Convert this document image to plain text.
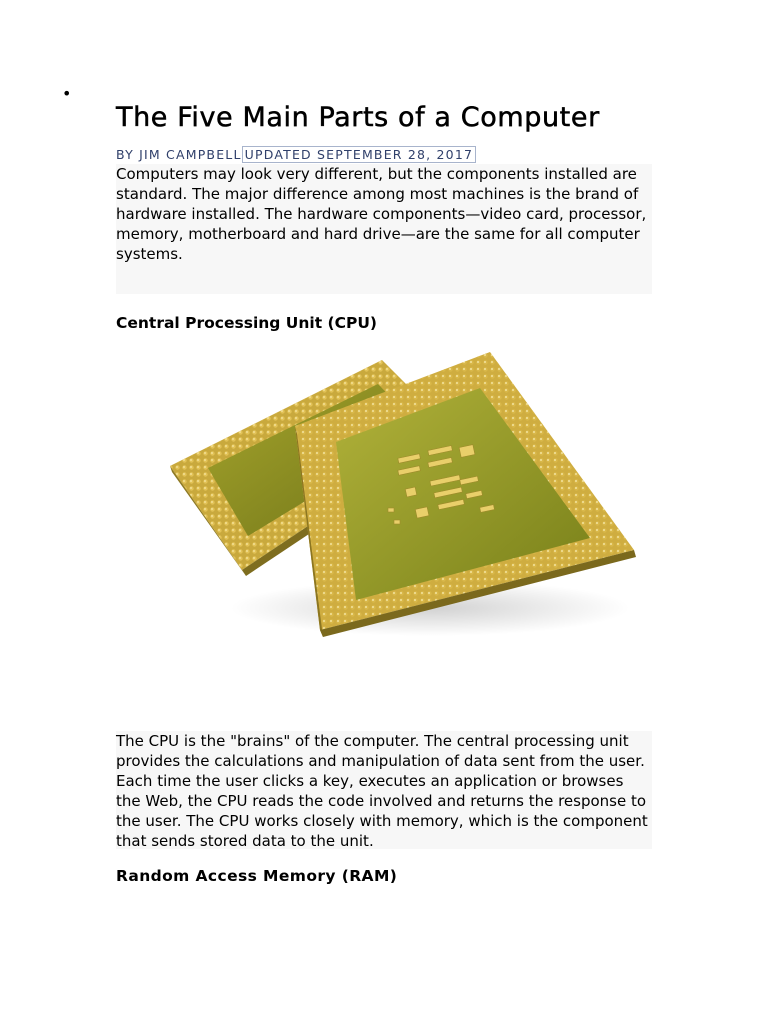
•
The Five Main Parts of a Computer
BY JIM CAMPBELL UPDATED SEPTEMBER 28, 2017

Computers may look very different, but the components installed are standard. The major difference among most machines is the brand of hardware installed. The hardware components—video card, processor, memory, motherboard and hard drive—are the same for all computer systems.

Central Processing Unit (CPU)

The CPU is the "brains" of the computer. The central processing unit provides the calculations and manipulation of data sent from the user. Each time the user clicks a key, executes an application or browses the Web, the CPU reads the code involved and returns the response to the user. The CPU works closely with memory, which is the component that sends stored data to the unit.

Random Access Memory (RAM)
